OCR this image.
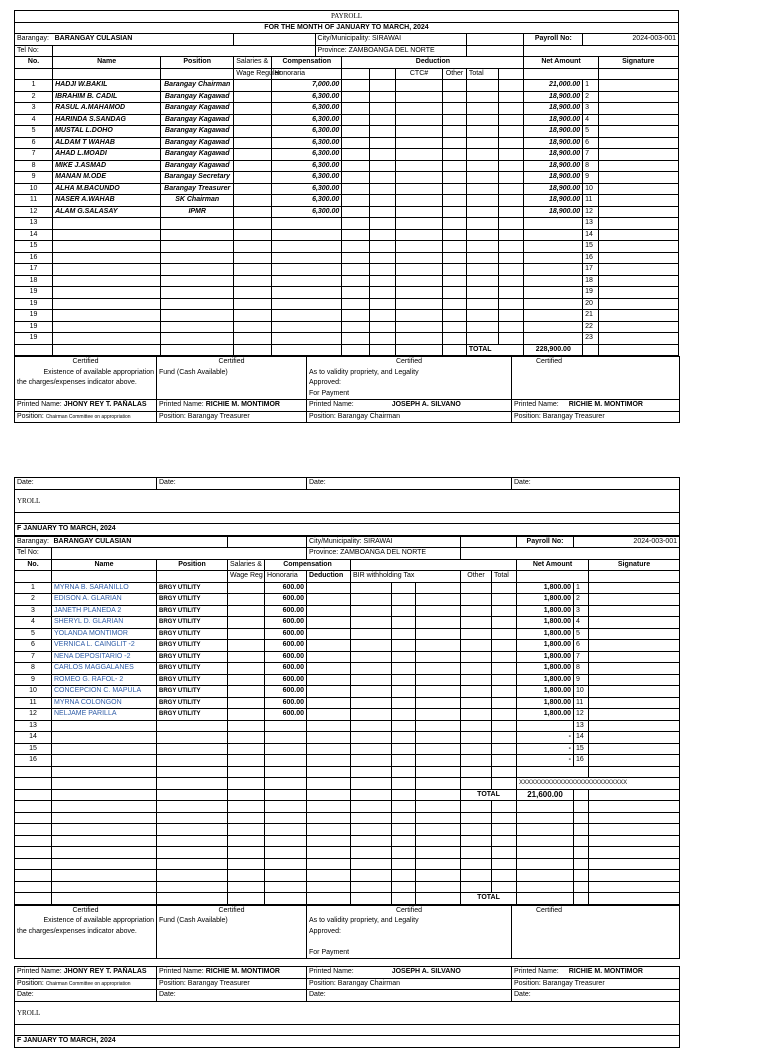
PAYROLL														
FOR THE MONTH OF JANUARY TO MARCH, 2024														
Barangay:	BARANGAY CULASIAN				City/Municipality: SIRAWAI							Payroll No:	2024-003-001	
Tel No:					Province: ZAMBOANGA DEL NORTE									
No.	Name	Position	Salaries &	Compensation		Deduction						Net Amount		Signature
			Wage Regular	Honoraria				CTC#	Other	Total				
1	HADJI W.BAKIL	Barangay Chairman		7,000.00								21,000.00	1	
2	IBRAHIM B. CADIL	Barangay Kagawad		6,300.00								18,900.00	2	
3	RASUL A.MAHAMOD	Barangay Kagawad		6,300.00								18,900.00	3	
4	HARINDA S.SANDAG	Barangay Kagawad		6,300.00								18,900.00	4	
5	MUSTAL L.DOHO	Barangay Kagawad		6,300.00								18,900.00	5	
6	ALDAM T WAHAB	Barangay Kagawad		6,300.00								18,900.00	6	
7	AHAD L.MOADI	Barangay Kagawad		6,300.00								18,900.00	7	
8	MIKE J.ASMAD	Barangay Kagawad		6,300.00								18,900.00	8	
9	MANAN M.ODE	Barangay Secretary		6,300.00								18,900.00	9	
10	ALHA M.BACUNDO	Barangay Treasurer		6,300.00								18,900.00	10	
11	NASER A.WAHAB	SK Chairman		6,300.00								18,900.00	11	
12	ALAM G.SALASAY	IPMR		6,300.00								18,900.00	12	
13													13	
14													14	
15													15	
16													16	
17													17	
18													18	
19													19	
19													20	
19													21	
19													22	
19													23	
										TOTAL		228,900.00		
Certified	Certified	Certified	Certified
Existence of available appropriation	Fund (Cash Available)	As to validity propriety, and Legality	
the charges/expenses indicator above.		Approved:	
		For Payment	
Printed Name: JHONY REY T. PAÑALAS	Printed Name: RICHIE M. MONTIMOR	Printed Name: JOSEPH A. SILVANO	Printed Name: RICHIE M. MONTIMOR
Position: Chairman Committee on appropriation	Position: Barangay Treasurer	Position: Barangay Chairman	Position: Barangay Treasurer
Date:	Date:	Date:	Date:
YROLL

F JANUARY TO MARCH, 2024
Barangay:	BARANGAY CULASIAN				City/Municipality: SIRAWAI						Payroll No:	2024-003-001	
Tel No:					Province: ZAMBOANGA DEL NORTE								
No.	Name	Position	Salaries &	Compensation							Net Amount		Signature
			Wage Reg	Honoraria	Deduction	BIR withholding Tax			Other	Total			
1	MYRNA B. SARANILLO	BRGY UTILITY		600.00							1,800.00	1	
2	EDISON A. GLARIAN	BRGY UTILITY		600.00							1,800.00	2	
3	JANETH PLANEDA 2	BRGY UTILITY		600.00							1,800.00	3	
4	SHERYL D. GLARIAN	BRGY UTILITY		600.00							1,800.00	4	
5	YOLANDA MONTIMOR	BRGY UTILITY		600.00							1,800.00	5	
6	VERNICA L. CAINGLIT -2	BRGY UTILITY		600.00							1,800.00	6	
7	NENA DEPOSITARIO -2	BRGY UTILITY		600.00							1,800.00	7	
8	CARLOS MAGGALANES	BRGY UTILITY		600.00							1,800.00	8	
9	ROMEO G. RAFOL- 2	BRGY UTILITY		600.00							1,800.00	9	
10	CONCEPCION C. MAPULA	BRGY UTILITY		600.00							1,800.00	10	
11	MYRNA COLONGON	BRGY UTILITY		600.00							1,800.00	11	
12	NELJAME PARILLA	BRGY UTILITY		600.00							1,800.00	12	
13												13	
14											-	14	
15											-	15	
16											-	16	

											XXXXXXXXXXXXXXXXXXXXXXXXXXX		
									TOTAL		21,600.00		

									TOTAL				
Certified	Certified	Certified	Certified
Existence of available appropriation	Fund (Cash Available)	As to validity propriety, and Legality	
the charges/expenses indicator above.		Approved:	

		For Payment	

Printed Name: JHONY REY T. PAÑALAS	Printed Name: RICHIE M. MONTIMOR	Printed Name: JOSEPH A. SILVANO	Printed Name: RICHIE M. MONTIMOR
Position: Chairman Committee on appropriation	Position: Barangay Treasurer	Position: Barangay Chairman	Position: Barangay Treasurer
Date:	Date:	Date:	Date:
YROLL			

F JANUARY TO MARCH, 2024			
